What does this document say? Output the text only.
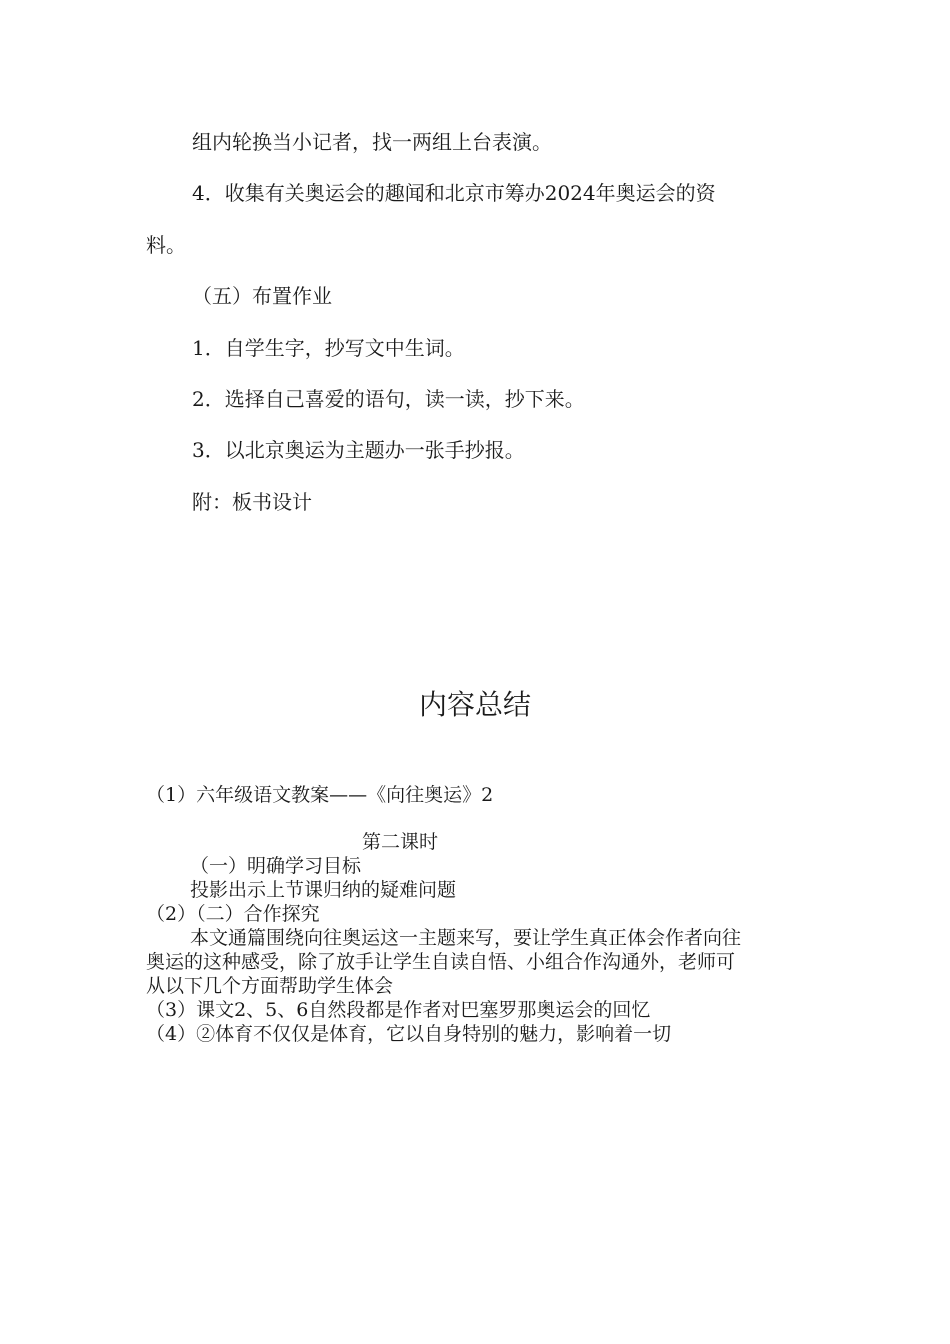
组内轮换当小记者，找一两组上台表演。
4．收集有关奥运会的趣闻和北京市筹办2024年奥运会的资
料。
（五）布置作业
1．自学生字，抄写文中生词。
2．选择自己喜爱的语句，读一读，抄下来。
3．以北京奥运为主题办一张手抄报。
附：板书设计
内容总结
（1）六年级语文教案——《向往奥运》2
第二课时
（一）明确学习目标
投影出示上节课归纳的疑难问题
（2）（二）合作探究
本文通篇围绕向往奥运这一主题来写，要让学生真正体会作者向往
奥运的这种感受，除了放手让学生自读自悟、小组合作沟通外，老师可
从以下几个方面帮助学生体会
（3）课文2、5、6自然段都是作者对巴塞罗那奥运会的回忆
（4）②体育不仅仅是体育，它以自身特别的魅力，影响着一切
